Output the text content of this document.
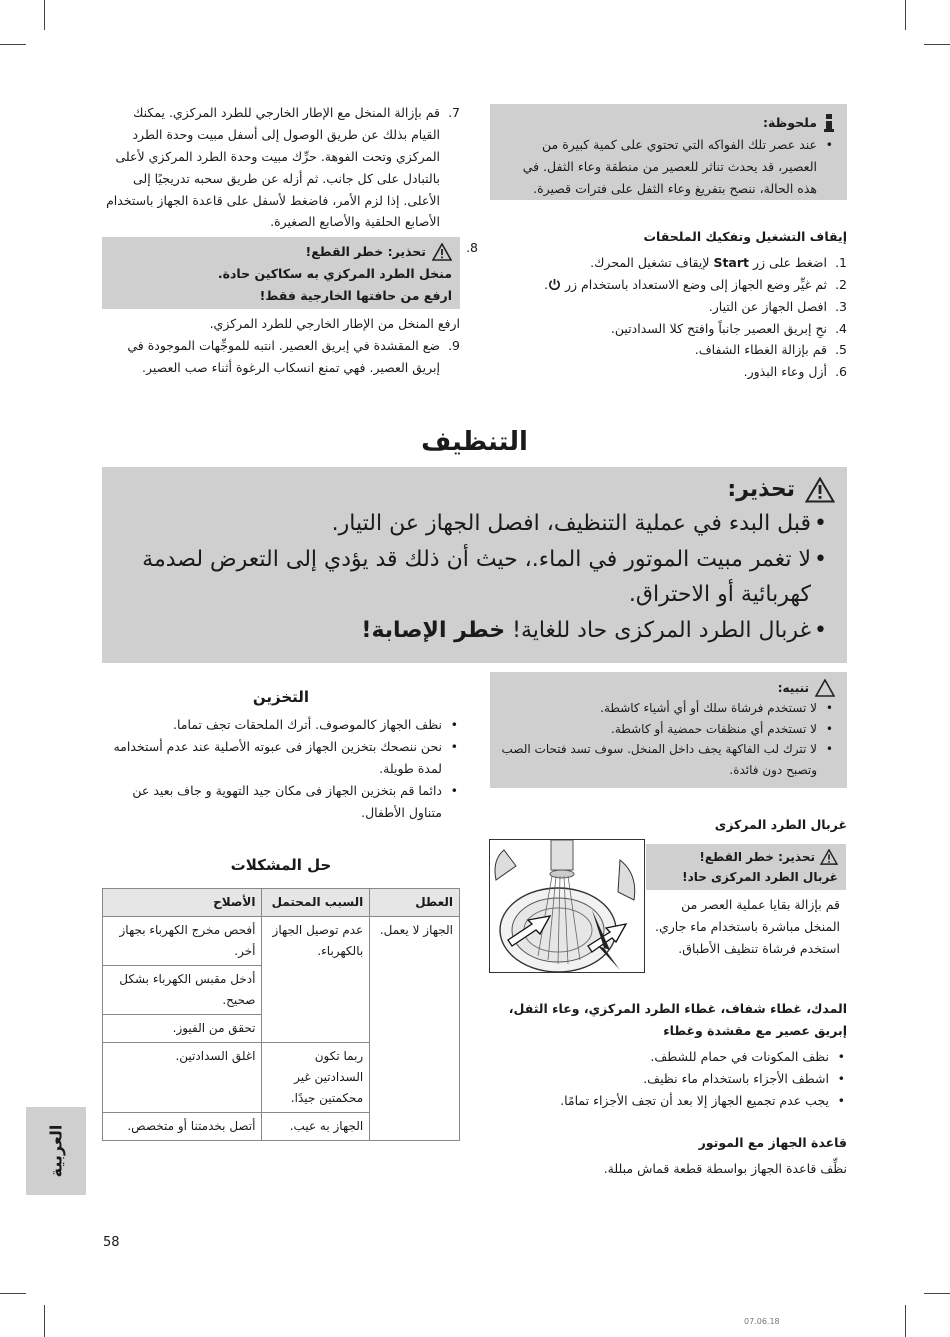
ملحوظة:
• عند عصر تلك الفواكه التي تحتوي على كمية كبيرة من العصير، قد يحدث تناثر للعصير من منطقة وعاء الثفل. في هذه الحالة، ننصح بتفريغ وعاء الثفل على فترات قصيرة.
إيقاف التشغيل وتفكيك الملحقات
1.
اضغط على زر Start لإيقاف تشغيل المحرك.
2.
ثم غيِّر وضع الجهاز إلى وضع الاستعداد باستخدام زر .
3.
افصل الجهاز عن التيار.
4.
نحِ إبريق العصير جانباً وافتح كلا السدادتين.
5.
قم بإزالة الغطاء الشفاف.
6.
أزل وعاء البذور.
7.
قم بإزالة المنخل مع الإطار الخارجي للطرد المركزي. يمكنك القيام بذلك عن طريق الوصول إلى أسفل مبيت وحدة الطرد المركزي وتحت الفوهة. حرِّك مبيت وحدة الطرد المركزي لأعلى بالتبادل على كل جانب. ثم أزله عن طريق سحبه تدريجيًا إلى الأعلى. إذا لزم الأمر، فاضغط لأسفل على قاعدة الجهاز باستخدام الأصابع الحلقية والأصابع الصغيرة.
8.
تحذير: خطر القطع!
منخل الطرد المركزي به سكاكين حادة.
ارفع من حافتها الخارجية فقط!
ارفع المنخل من الإطار الخارجي للطرد المركزي.
9.
ضع المقشدة في إبريق العصير. انتبه للموجِّهات الموجودة في إبريق العصير. فهي تمنع انسكاب الرغوة أثناء صب العصير.
التنظيف
تحذير:
• قبل البدء في عملية التنظيف، افصل الجهاز عن التيار.
• لا تغمر مبيت الموتور في الماء.، حيث أن ذلك قد يؤدي إلى التعرض لصدمة كهربائية أو الاحتراق.
• غربال الطرد المركزى حاد للغاية! خطر الإصابة!
تنبيه:
• لا تستخدم فرشاة سلك أو أي أشياء كاشطة.
• لا تستخدم أي منظفات حمضية أو كاشطة.
• لا تترك لب الفاكهة يجف داخل المنخل. سوف تسد فتحات الصب وتصبح دون فائدة.
غربال الطرد المركزى
تحذير: خطر القطع!
غربال الطرد المركزى حاد!
قم بإزالة بقايا عملية العصر من المنخل مباشرة باستخدام ماء جاري. استخدم فرشاة تنظيف الأطباق.
المدك، غطاء شفاف، غطاء الطرد المركزي، وعاء الثفل، إبريق عصير مع مقشدة وغطاء
• نظف المكونات في حمام للشطف.
• اشطف الأجزاء باستخدام ماء نظيف.
• يجب عدم تجميع الجهاز إلا بعد أن تجف الأجزاء تمامًا.
قاعدة الجهاز مع الموتور
نظِّف قاعدة الجهاز بواسطة قطعة قماش مبللة.
التخزين
• نظف الجهاز كالموصوف. أترك الملحقات تجف تماما.
• نحن ننصحك بتخزين الجهاز فى عبوته الأصلية عند عدم أستخدامه لمدة طويلة.
• دائما قم بتخزين الجهاز فى مكان جيد التهوية و جاف بعيد عن متناول الأطفال.
حل المشكلات
العطل	السبب المحتمل	الأصلاح
الجهاز لا يعمل.	عدم توصيل الجهاز بالكهرباء.	أفحص مخرج الكهرباء بجهاز أخر.
		أدخل مقبس الكهرباء بشكل صحيح.
		تحقق من الفيوز.
	ربما تكون السدادتين غير محكمتين جيدًا.	اغلق السدادتين.
	الجهاز به عيب.	أتصل بخدمتنا أو متخصص.
العربية
58
07.06.18
